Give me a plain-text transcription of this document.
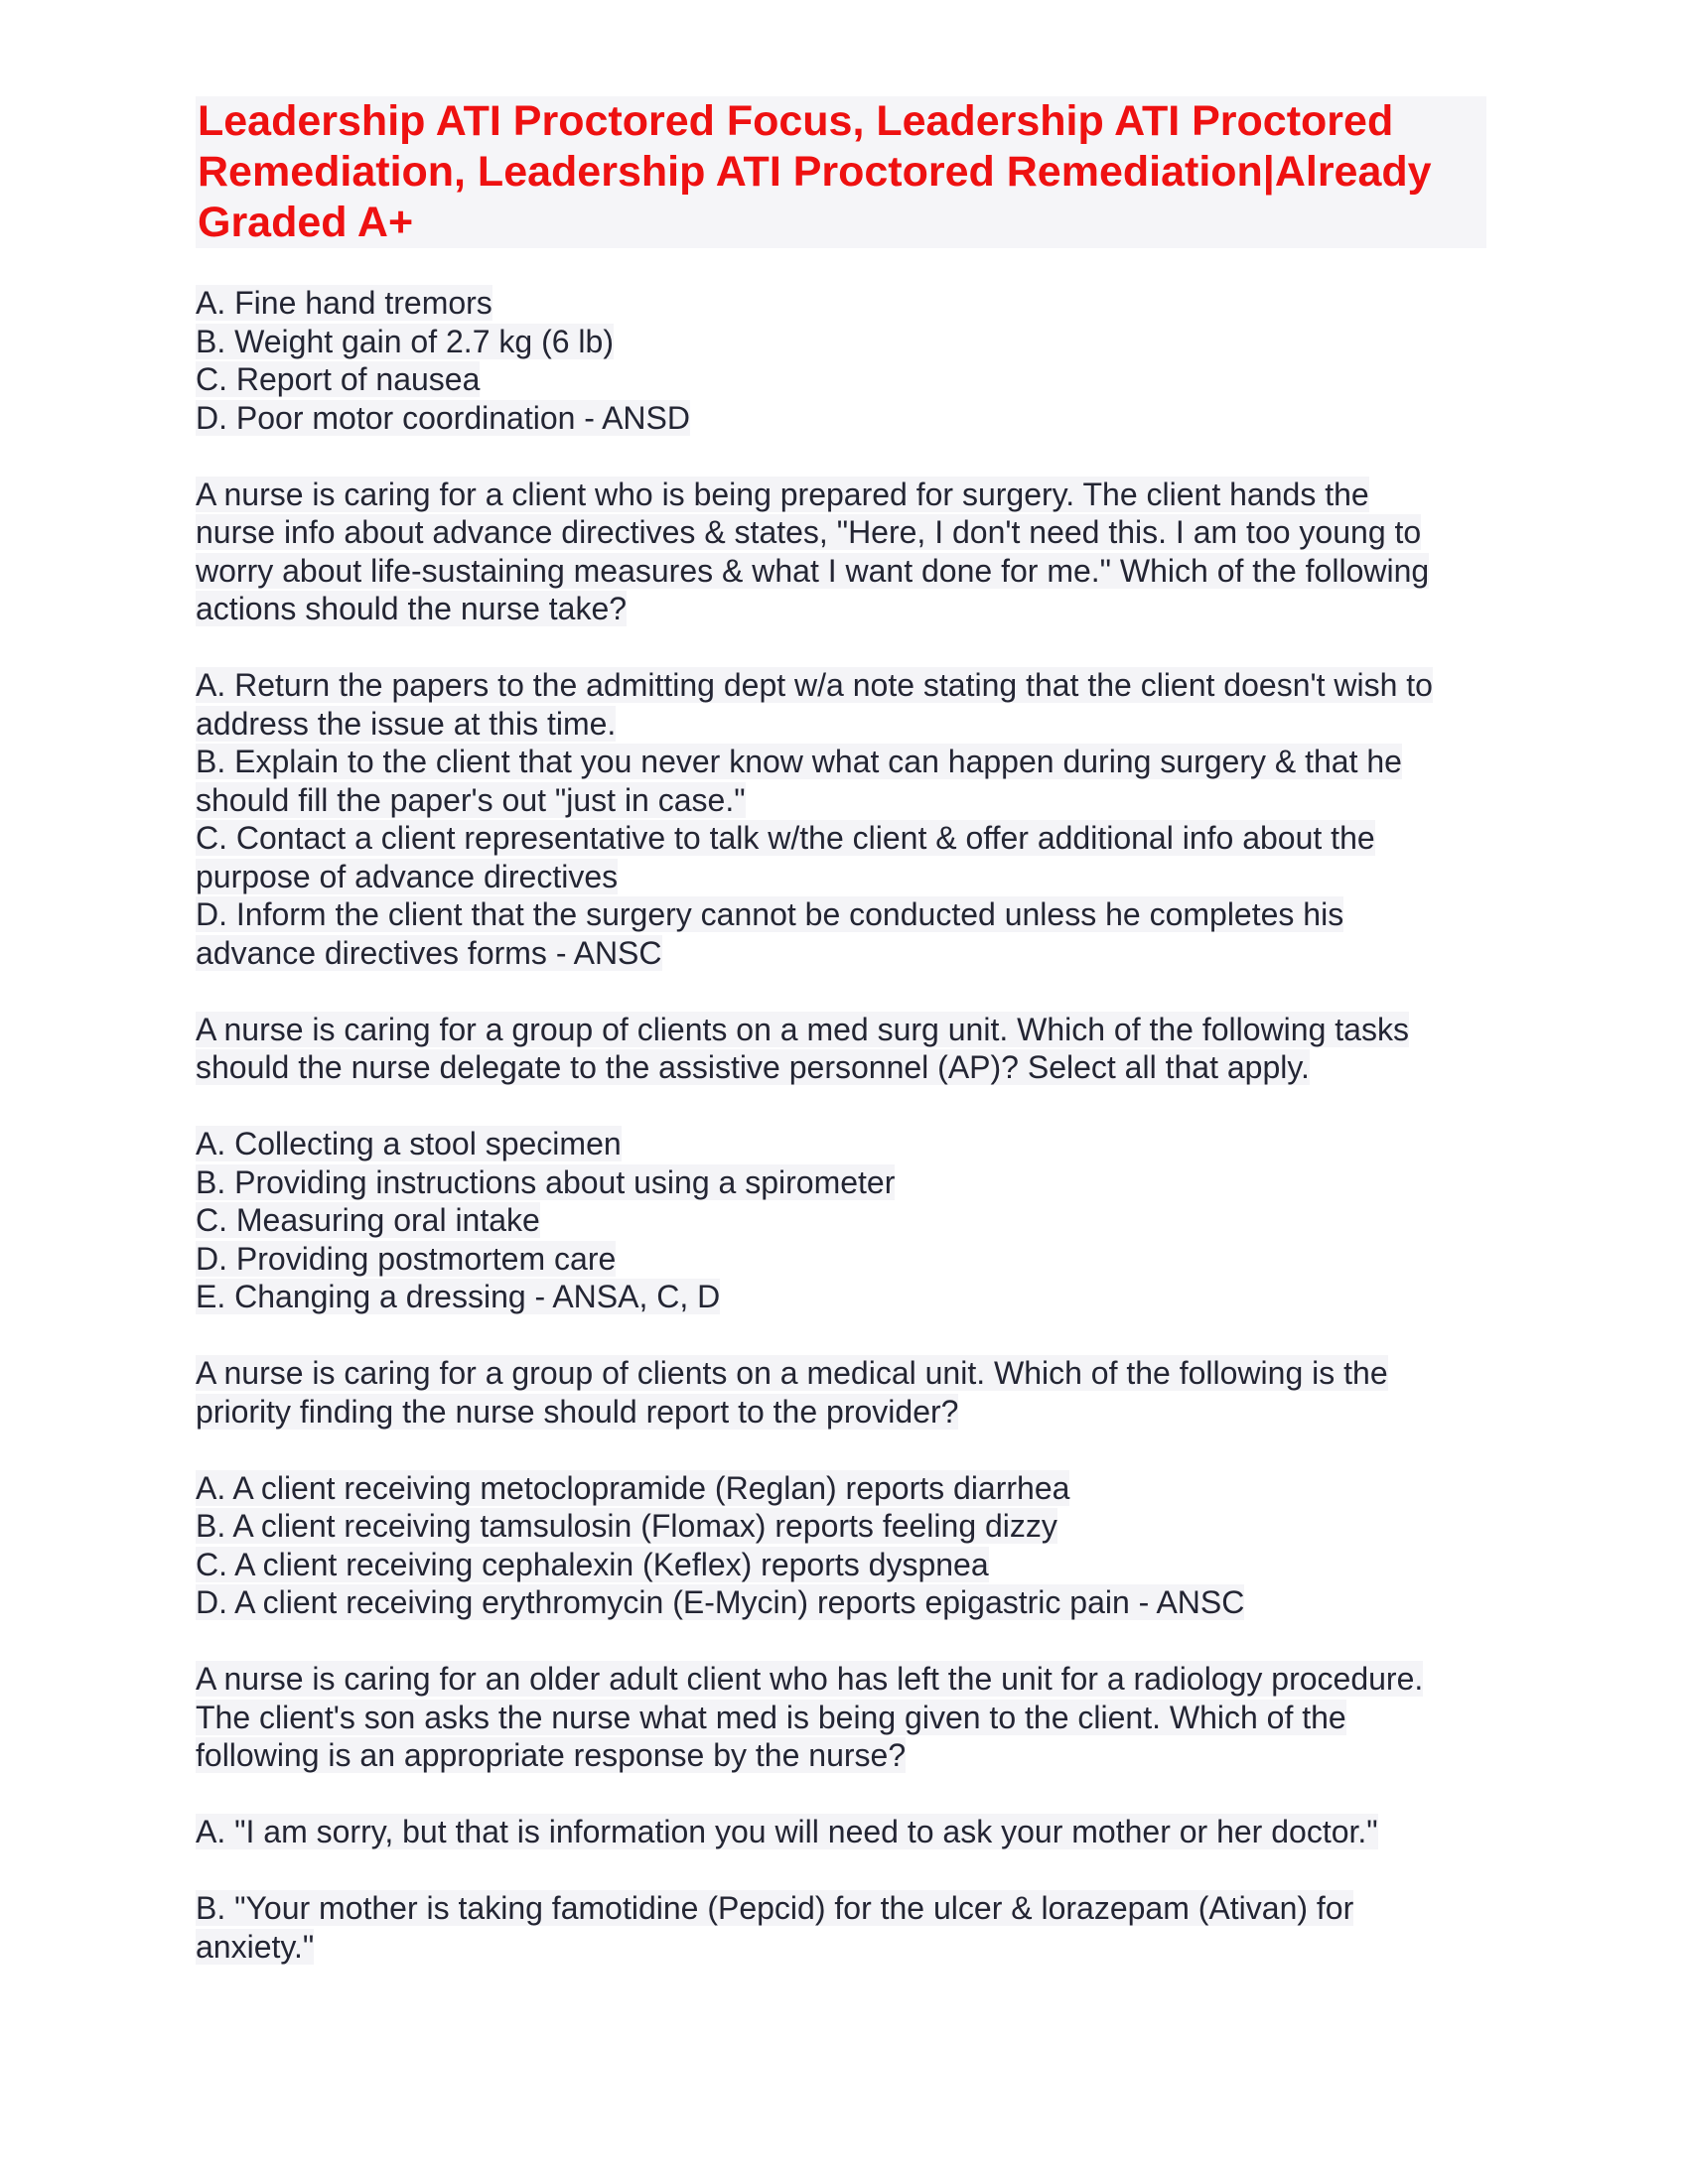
Leadership ATI Proctored Focus, Leadership ATI Proctored Remediation, Leadership ATI Proctored Remediation|Already Graded A+
A. Fine hand tremors
B. Weight gain of 2.7 kg (6 lb)
C. Report of nausea
D. Poor motor coordination - ANSD
A nurse is caring for a client who is being prepared for surgery. The client hands the
nurse info about advance directives & states, "Here, I don't need this. I am too young to
worry about life-sustaining measures & what I want done for me." Which of the following
actions should the nurse take?
A. Return the papers to the admitting dept w/a note stating that the client doesn't wish to
address the issue at this time.
B. Explain to the client that you never know what can happen during surgery & that he
should fill the paper's out "just in case."
C. Contact a client representative to talk w/the client & offer additional info about the
purpose of advance directives
D. Inform the client that the surgery cannot be conducted unless he completes his
advance directives forms - ANSC
A nurse is caring for a group of clients on a med surg unit. Which of the following tasks
should the nurse delegate to the assistive personnel (AP)? Select all that apply.
A. Collecting a stool specimen
B. Providing instructions about using a spirometer
C. Measuring oral intake
D. Providing postmortem care
E. Changing a dressing - ANSA, C, D
A nurse is caring for a group of clients on a medical unit. Which of the following is the
priority finding the nurse should report to the provider?
A. A client receiving metoclopramide (Reglan) reports diarrhea
B. A client receiving tamsulosin (Flomax) reports feeling dizzy
C. A client receiving cephalexin (Keflex) reports dyspnea
D. A client receiving erythromycin (E-Mycin) reports epigastric pain - ANSC
A nurse is caring for an older adult client who has left the unit for a radiology procedure.
The client's son asks the nurse what med is being given to the client. Which of the
following is an appropriate response by the nurse?
A. "I am sorry, but that is information you will need to ask your mother or her doctor."
B. "Your mother is taking famotidine (Pepcid) for the ulcer & lorazepam (Ativan) for
anxiety."
